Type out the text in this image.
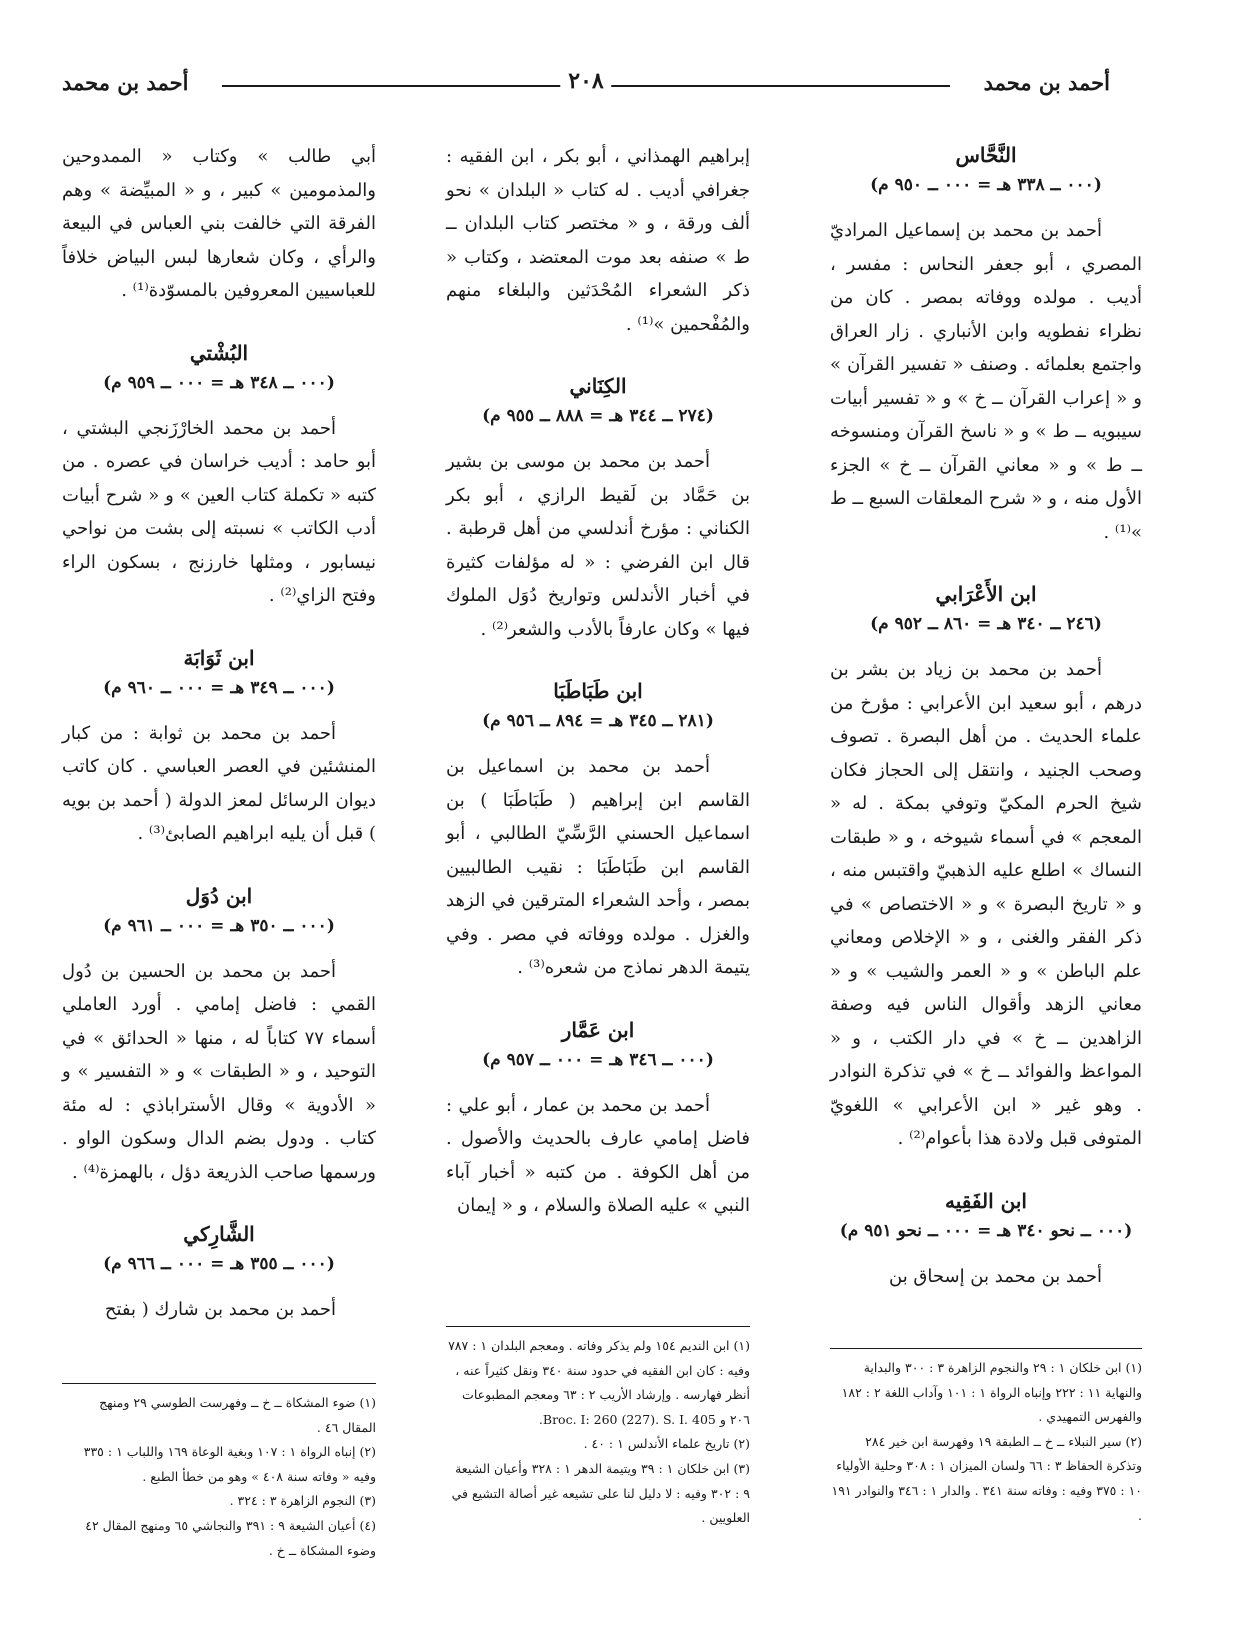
أحمد بن محمد
٢٠٨
أحمد بن محمد
النَّحَّاس
(٠٠٠ ــ ٣٣٨ هـ = ٠٠٠ ــ ٩٥٠ م)

أحمد بن محمد بن إسماعيل المراديّ المصري ، أبو جعفر النحاس : مفسر ، أديب . مولده ووفاته بمصر . كان من نظراء نفطويه وابن الأنباري . زار العراق واجتمع بعلمائه . وصنف « تفسير القرآن » و « إعراب القرآن ــ خ » و « تفسير أبيات سيبويه ــ ط » و « ناسخ القرآن ومنسوخه ــ ط » و « معاني القرآن ــ خ » الجزء الأول منه ، و « شرح المعلقات السبع ــ ط »⁽¹⁾ .

ابن الأَعْرَابي
(٢٤٦ ــ ٣٤٠ هـ = ٨٦٠ ــ ٩٥٢ م)

أحمد بن محمد بن زياد بن بشر بن درهم ، أبو سعيد ابن الأعرابي : مؤرخ من علماء الحديث . من أهل البصرة . تصوف وصحب الجنيد ، وانتقل إلى الحجاز فكان شيخ الحرم المكيّ وتوفي بمكة . له « المعجم » في أسماء شيوخه ، و « طبقات النساك » اطلع عليه الذهبيّ واقتبس منه ، و « تاريخ البصرة » و « الاختصاص » في ذكر الفقر والغنى ، و « الإخلاص ومعاني علم الباطن » و « العمر والشيب » و « معاني الزهد وأقوال الناس فيه وصفة الزاهدين ــ خ » في دار الكتب ، و « المواعظ والفوائد ــ خ » في تذكرة النوادر . وهو غير « ابن الأعرابي » اللغويّ المتوفى قبل ولادة هذا بأعوام⁽²⁾ .

ابن الفَقِيه
(٠٠٠ ــ نحو ٣٤٠ هـ = ٠٠٠ ــ نحو ٩٥١ م)

أحمد بن محمد بن إسحاق بن

إبراهيم الهمذاني ، أبو بكر ، ابن الفقيه : جغرافي أديب . له كتاب « البلدان » نحو ألف ورقة ، و « مختصر كتاب البلدان ــ ط » صنفه بعد موت المعتضد ، وكتاب « ذكر الشعراء المُحْدَثين والبلغاء منهم والمُفْحمين »⁽¹⁾ .

الكِنَاني
(٢٧٤ ــ ٣٤٤ هـ = ٨٨٨ ــ ٩٥٥ م)

أحمد بن محمد بن موسى بن بشير بن حَمَّاد بن لَقيط الرازي ، أبو بكر الكناني : مؤرخ أندلسي من أهل قرطبة . قال ابن الفرضي : « له مؤلفات كثيرة في أخبار الأندلس وتواريخ دُوَل الملوك فيها » وكان عارفاً بالأدب والشعر⁽²⁾ .

ابن طَبَاطَبَا
(٢٨١ ــ ٣٤٥ هـ = ٨٩٤ ــ ٩٥٦ م)

أحمد بن محمد بن اسماعيل بن القاسم ابن إبراهيم ( طَبَاطَبَا ) بن اسماعيل الحسني الرَّسِّيّ الطالبي ، أبو القاسم ابن طَبَاطَبَا : نقيب الطالبيين بمصر ، وأحد الشعراء المترقين في الزهد والغزل . مولده ووفاته في مصر . وفي يتيمة الدهر نماذج من شعره⁽³⁾ .

ابن عَمَّار
(٠٠٠ ــ ٣٤٦ هـ = ٠٠٠ ــ ٩٥٧ م)

أحمد بن محمد بن عمار ، أبو علي : فاضل إمامي عارف بالحديث والأصول . من أهل الكوفة . من كتبه « أخبار آباء النبي » عليه الصلاة والسلام ، و « إيمان

أبي طالب » وكتاب « الممدوحين والمذمومين » كبير ، و « المبيِّضة » وهم الفرقة التي خالفت بني العباس في البيعة والرأي ، وكان شعارها لبس البياض خلافاً للعباسيين المعروفين بالمسوّدة⁽¹⁾ .

البُشْتي
(٠٠٠ ــ ٣٤٨ هـ = ٠٠٠ ــ ٩٥٩ م)

أحمد بن محمد الخارْزَنجي البشتي ، أبو حامد : أديب خراسان في عصره . من كتبه « تكملة كتاب العين » و « شرح أبيات أدب الكاتب » نسبته إلى بشت من نواحي نيسابور ، ومثلها خارزنج ، بسكون الراء وفتح الزاي⁽²⁾ .

ابن ثَوَابَة
(٠٠٠ ــ ٣٤٩ هـ = ٠٠٠ ــ ٩٦٠ م)

أحمد بن محمد بن ثوابة : من كبار المنشئين في العصر العباسي . كان كاتب ديوان الرسائل لمعز الدولة ( أحمد بن بويه ) قبل أن يليه ابراهيم الصابئ⁽³⁾ .

ابن دُوَل
(٠٠٠ ــ ٣٥٠ هـ = ٠٠٠ ــ ٩٦١ م)

أحمد بن محمد بن الحسين بن دُول القمي : فاضل إمامي . أورد العاملي أسماء ٧٧ كتاباً له ، منها « الحدائق » في التوحيد ، و « الطبقات » و « التفسير » و « الأدوية » وقال الأستراباذي : له مئة كتاب . ودول بضم الدال وسكون الواو . ورسمها صاحب الذريعة دؤل ، بالهمزة⁽⁴⁾ .

الشَّارِكي
(٠٠٠ ــ ٣٥٥ هـ = ٠٠٠ ــ ٩٦٦ م)

أحمد بن محمد بن شارك ( بفتح

(١) ابن خلكان ١ : ٢٩ والنجوم الزاهرة ٣ : ٣٠٠ والبداية والنهاية ١١ : ٢٢٢ وإنباه الرواة ١ : ١٠١ وآداب اللغة ٢ : ١٨٢ والفهرس التمهيدي .

(٢) سير النبلاء ــ خ ــ الطبقة ١٩ وفهرسة ابن خير ٢٨٤ وتذكرة الحفاظ ٣ : ٦٦ ولسان الميزان ١ : ٣٠٨ وحلية الأولياء ١٠ : ٣٧٥ وفيه : وفاته سنة ٣٤١ . والدار ١ : ٣٤٦ والنوادر ١٩١ .

(١) ابن النديم ١٥٤ ولم يذكر وفاته . ومعجم البلدان ١ : ٧٨٧ وفيه : كان ابن الفقيه في حدود سنة ٣٤٠ ونقل كثيراً عنه ، أنظر فهارسه . وإرشاد الأريب ٢ : ٦٣ ومعجم المطبوعات ٢٠٦ و Broc. I: 260 (227). S. I. 405.

(٢) تاريخ علماء الأندلس ١ : ٤٠ .

(٣) ابن خلكان ١ : ٣٩ ويتيمة الدهر ١ : ٣٢٨ وأعيان الشيعة ٩ : ٣٠٢ وفيه : لا دليل لنا على تشيعه غير أصالة التشيع في العلويين .

(١) ضوء المشكاة ــ خ ــ وفهرست الطوسي ٢٩ ومنهج المقال ٤٦ .

(٢) إنباه الرواة ١ : ١٠٧ وبغية الوعاة ١٦٩ واللباب ١ : ٣٣٥ وفيه « وفاته سنة ٤٠٨ » وهو من خطأ الطبع .

(٣) النجوم الزاهرة ٣ : ٣٢٤ .

(٤) أعيان الشيعة ٩ : ٣٩١ والنجاشي ٦٥ ومنهج المقال ٤٢ وضوء المشكاة ــ خ .
